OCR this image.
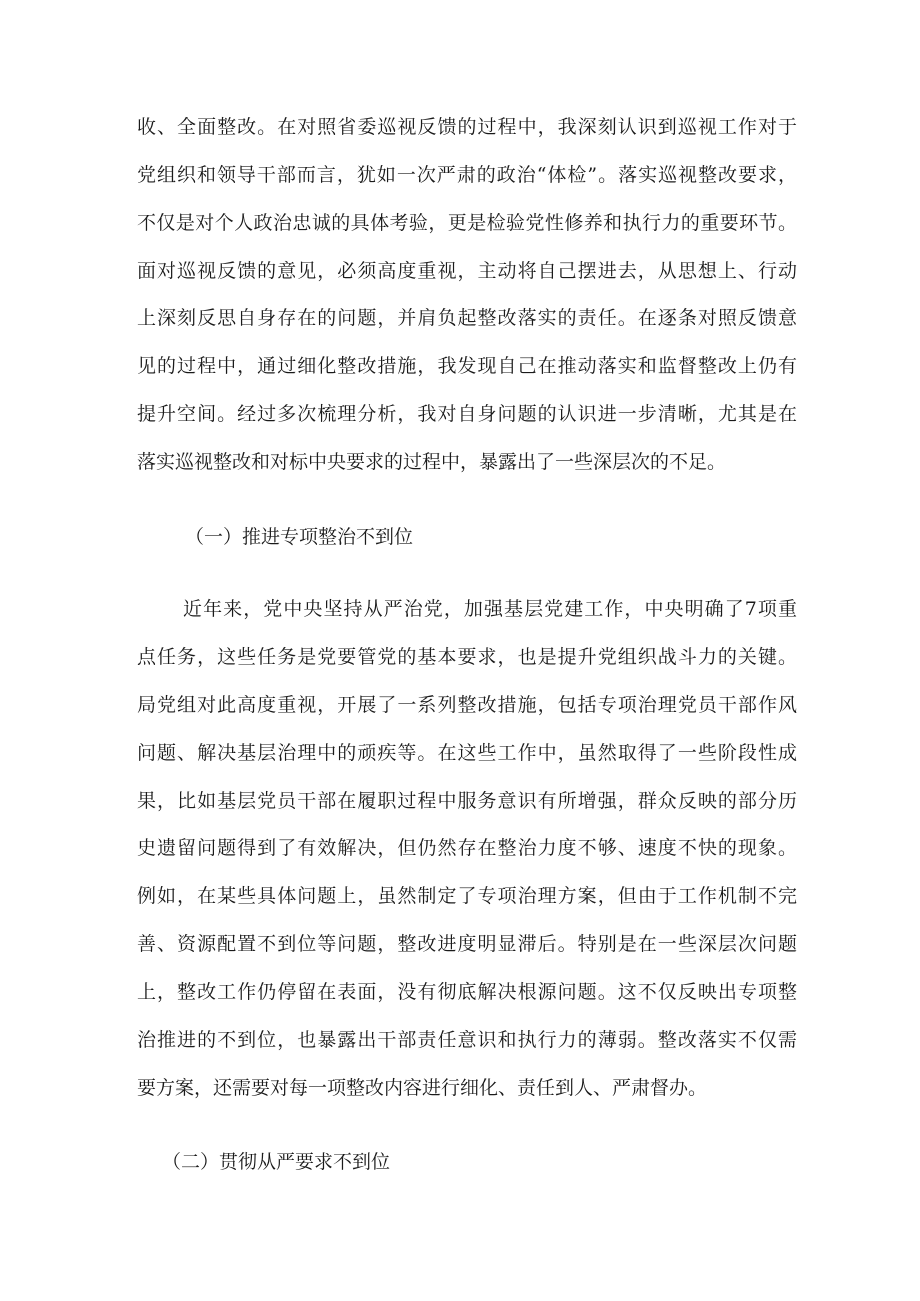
收、全面整改。在对照省委巡视反馈的过程中，我深刻认识到巡视工作对于
党组织和领导干部而言，犹如一次严肃的政治“体检”。落实巡视整改要求，
不仅是对个人政治忠诚的具体考验，更是检验党性修养和执行力的重要环节。
面对巡视反馈的意见，必须高度重视，主动将自己摆进去，从思想上、行动
上深刻反思自身存在的问题，并肩负起整改落实的责任。在逐条对照反馈意
见的过程中，通过细化整改措施，我发现自己在推动落实和监督整改上仍有
提升空间。经过多次梳理分析，我对自身问题的认识进一步清晰，尤其是在
落实巡视整改和对标中央要求的过程中，暴露出了一些深层次的不足。
（一）推进专项整治不到位
近年来，党中央坚持从严治党，加强基层党建工作，中央明确了7项重
点任务，这些任务是党要管党的基本要求，也是提升党组织战斗力的关键。
局党组对此高度重视，开展了一系列整改措施，包括专项治理党员干部作风
问题、解决基层治理中的顽疾等。在这些工作中，虽然取得了一些阶段性成
果，比如基层党员干部在履职过程中服务意识有所增强，群众反映的部分历
史遗留问题得到了有效解决，但仍然存在整治力度不够、速度不快的现象。
例如，在某些具体问题上，虽然制定了专项治理方案，但由于工作机制不完
善、资源配置不到位等问题，整改进度明显滞后。特别是在一些深层次问题
上，整改工作仍停留在表面，没有彻底解决根源问题。这不仅反映出专项整
治推进的不到位，也暴露出干部责任意识和执行力的薄弱。整改落实不仅需
要方案，还需要对每一项整改内容进行细化、责任到人、严肃督办。
（二）贯彻从严要求不到位
